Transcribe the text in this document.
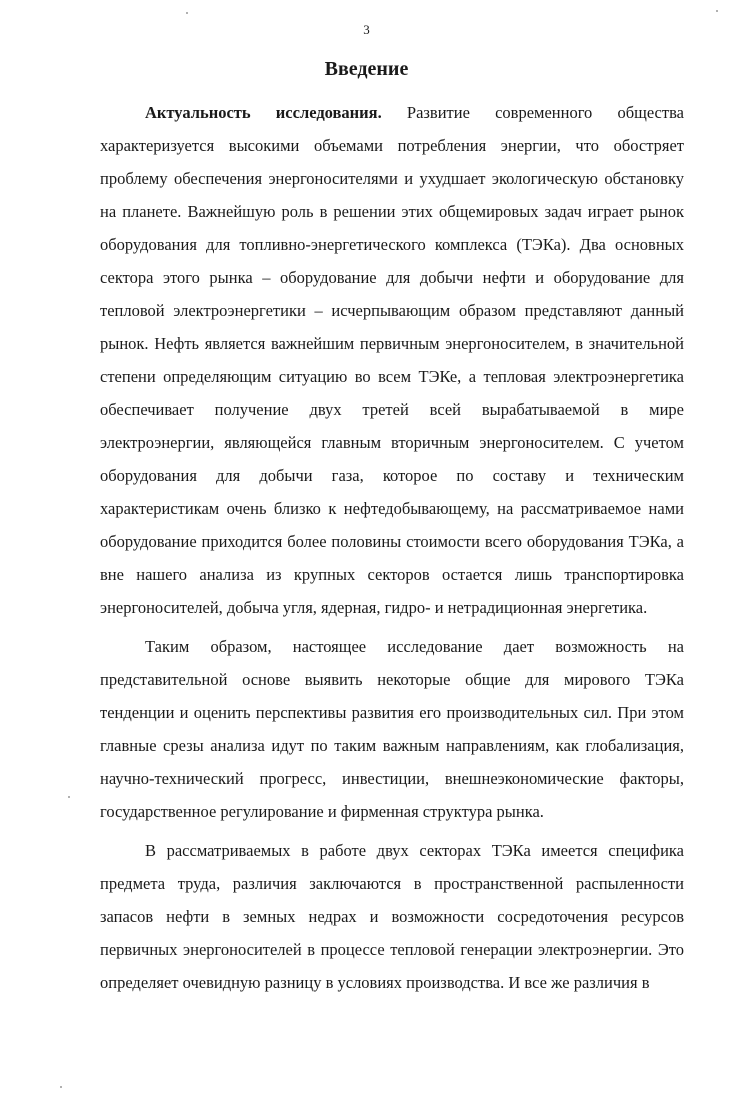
3
Введение

Актуальность исследования. Развитие современного общества характеризуется высокими объемами потребления энергии, что обостряет проблему обеспечения энергоносителями и ухудшает экологическую обстановку на планете. Важнейшую роль в решении этих общемировых задач играет рынок оборудования для топливно-энергетического комплекса (ТЭКа). Два основных сектора этого рынка – оборудование для добычи нефти и оборудование для тепловой электроэнергетики – исчерпывающим образом представляют данный рынок. Нефть является важнейшим первичным энергоносителем, в значительной степени определяющим ситуацию во всем ТЭКе, а тепловая электроэнергетика обеспечивает получение двух третей всей вырабатываемой в мире электроэнергии, являющейся главным вторичным энергоносителем. С учетом оборудования для добычи газа, которое по составу и техническим характеристикам очень близко к нефтедобывающему, на рассматриваемое нами оборудование приходится более половины стоимости всего оборудования ТЭКа, а вне нашего анализа из крупных секторов остается лишь транспортировка энергоносителей, добыча угля, ядерная, гидро- и нетрадиционная энергетика.

Таким образом, настоящее исследование дает возможность на представительной основе выявить некоторые общие для мирового ТЭКа тенденции и оценить перспективы развития его производительных сил. При этом главные срезы анализа идут по таким важным направлениям, как глобализация, научно-технический прогресс, инвестиции, внешнеэкономические факторы, государственное регулирование и фирменная структура рынка.

В рассматриваемых в работе двух секторах ТЭКа имеется специфика предмета труда, различия заключаются в пространственной распыленности запасов нефти в земных недрах и возможности сосредоточения ресурсов первичных энергоносителей в процессе тепловой генерации электроэнергии. Это определяет очевидную разницу в условиях производства. И все же различия в
